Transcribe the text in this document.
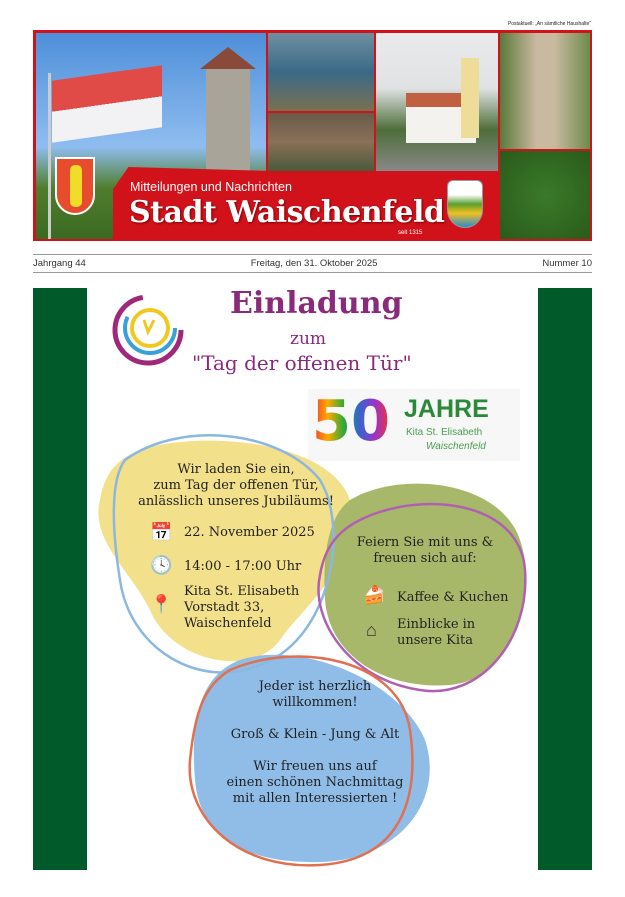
Postaktuell: „An sämtliche Haushalte“
Mitteilungen und Nachrichten
Stadt Waischenfeld
seit 1315
Jahrgang 44	Freitag, den 31. Oktober 2025	Nummer 10
Einladung
zum
"Tag der offenen Tür"
50 JAHRE
Kita St. Elisabeth
Waischenfeld
Wir laden Sie ein,
zum Tag der offenen Tür,
anlässlich unseres Jubiläums!
📅 22. November 2025
🕓 14:00 - 17:00 Uhr
📍
Kita St. Elisabeth
Vorstadt 33,
Waischenfeld
Feiern Sie mit uns &
freuen sich auf:
🍰 Kaffee & Kuchen
⌂ Einblicke in
unsere Kita
Jeder ist herzlich
willkommen!
Groß & Klein - Jung & Alt
Wir freuen uns auf
einen schönen Nachmittag
mit allen Interessierten !
